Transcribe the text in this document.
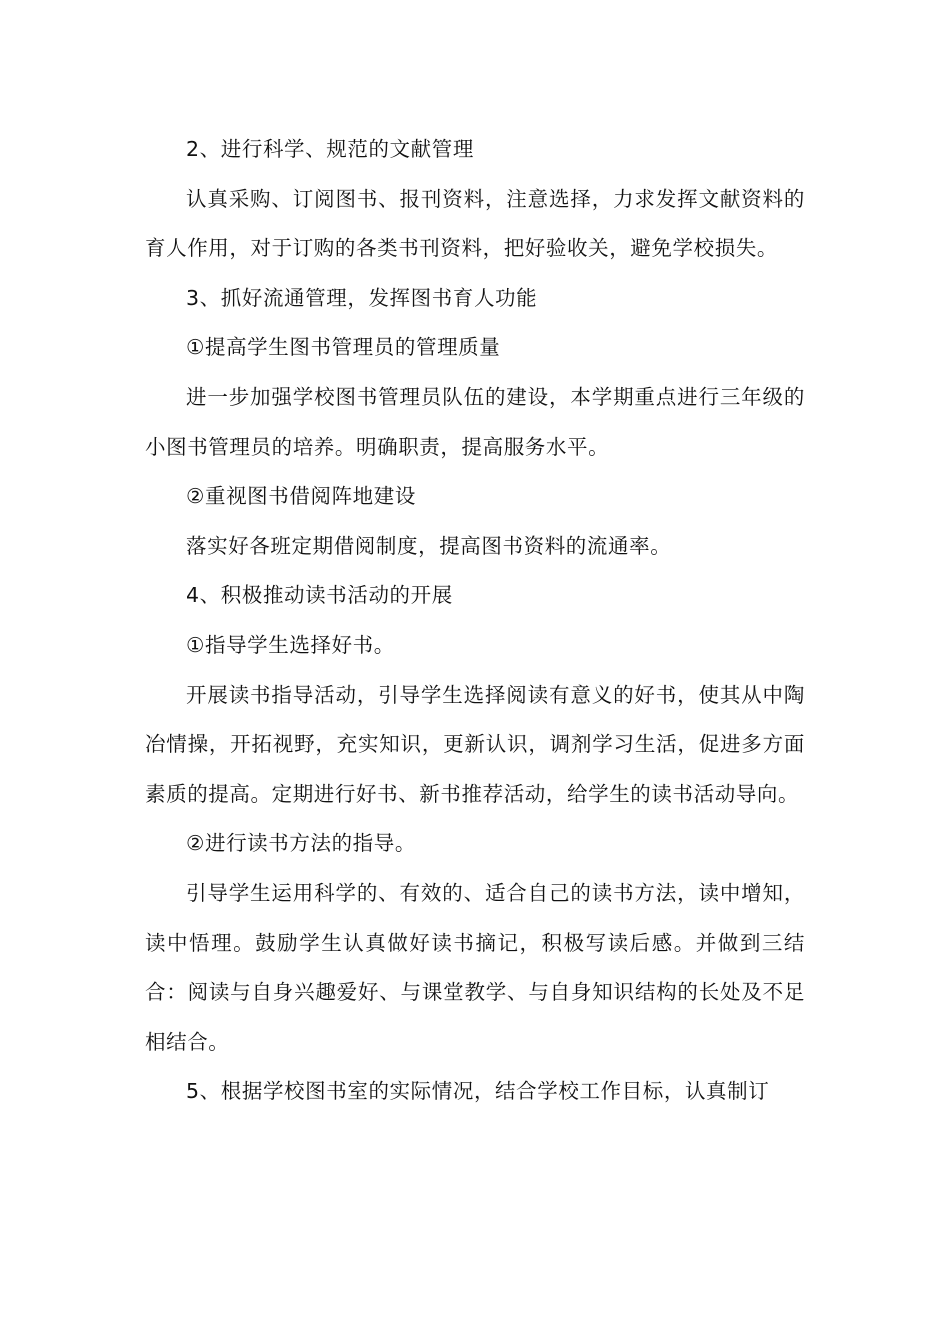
2、进行科学、规范的文献管理

认真采购、订阅图书、报刊资料，注意选择，力求发挥文献资料的育人作用，对于订购的各类书刊资料，把好验收关，避免学校损失。

3、抓好流通管理，发挥图书育人功能

①提高学生图书管理员的管理质量

进一步加强学校图书管理员队伍的建设，本学期重点进行三年级的小图书管理员的培养。明确职责，提高服务水平。

②重视图书借阅阵地建设

落实好各班定期借阅制度，提高图书资料的流通率。

4、积极推动读书活动的开展

①指导学生选择好书。

开展读书指导活动，引导学生选择阅读有意义的好书，使其从中陶冶情操，开拓视野，充实知识，更新认识，调剂学习生活，促进多方面素质的提高。定期进行好书、新书推荐活动，给学生的读书活动导向。

②进行读书方法的指导。

引导学生运用科学的、有效的、适合自己的读书方法，读中增知，读中悟理。鼓励学生认真做好读书摘记，积极写读后感。并做到三结合：阅读与自身兴趣爱好、与课堂教学、与自身知识结构的长处及不足相结合。

5、根据学校图书室的实际情况，结合学校工作目标，认真制订
